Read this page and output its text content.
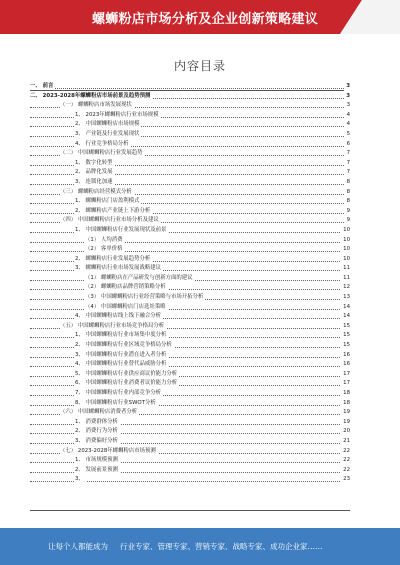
螺蛳粉店市场分析及企业创新策略建议
内容目录
一、 前言	3
二、 2023-2028年螺蛳粉店市场前景及趋势预测	3
（一） 螺蛳粉店市场发展现状	3
1、 2023年螺蛳粉店行业市场规模	4
2、 中国螺蛳粉店市场规模	4
3、 产业链及行业发展现状	5
4、 行业竞争格局分析	6
（二） 中国螺蛳粉店行业发展趋势	7
1、 数字化转型	7
2、 品牌化发展	7
3、 连锁化加速	8
（三） 螺蛳粉店经营模式分析	8
1、 螺蛳粉店门店盈利模式	8
2、 螺蛳粉店产业链上下游分析	9
（四） 中国螺蛳粉店行业市场分析及建议	9
1、 中国螺蛳粉店行业发展现状及前景	10
（1） 人均消费	10
（2） 客单价格	10
2、 螺蛳粉店行业发展趋势分析	10
3、 螺蛳粉店行业市场发展战略建议	11
（1） 螺蛳粉店在产品研发与创新方面的建议	11
（2） 螺蛳粉店品牌营销策略分析	12
（3） 中国螺蛳粉店行业经营策略与市场开拓分析	13
（4） 中国螺蛳粉店门店选址策略	14
4、 中国螺蛳粉店线上线下融合分析	14
（五） 中国螺蛳粉店行业市场竞争格局分析	15
1、 中国螺蛳粉店行业市场集中度分析	15
2、 中国螺蛳粉店行业区域竞争格局分析	15
3、 中国螺蛳粉店行业潜在进入者分析	16
4、 中国螺蛳粉店行业替代品威胁分析	16
5、 中国螺蛳粉店行业供应商议价能力分析	17
6、 中国螺蛳粉店行业消费者议价能力分析	17
7、 中国螺蛳粉店行业内部竞争分析	18
8、 中国螺蛳粉店行业SWOT分析	18
（六） 中国螺蛳粉店消费者分析	19
1、 消费群体分析	19
2、 消费行为分析	20
3、 消费偏好分析	21
（七） 2023-2028年螺蛳粉店市场预测	22
1、 市场规模预测	22
2、 发展前景预测	22
3、	23
让每个人都能成为 行业专家、管理专家、营销专家、战略专家、成功企业家……
